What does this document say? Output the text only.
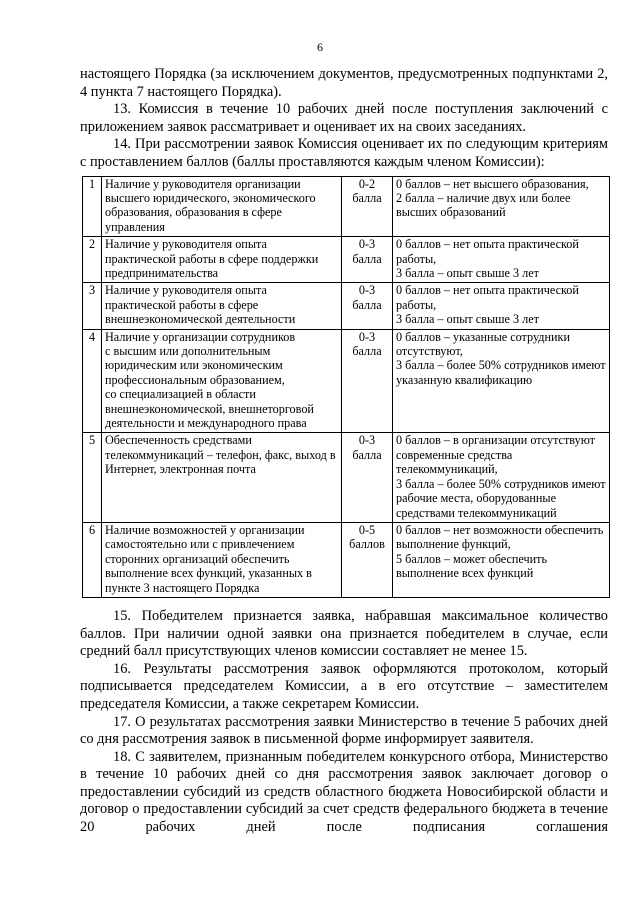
6

настоящего Порядка (за исключением документов, предусмотренных подпунктами 2, 4 пункта 7 настоящего Порядка).

13. Комиссия в течение 10 рабочих дней после поступления заключений с приложением заявок рассматривает и оценивает их на своих заседаниях.

14. При рассмотрении заявок Комиссия оценивает их по следующим критериям с проставлением баллов (баллы проставляются каждым членом Комиссии):

1	Наличие у руководителя организации высшего юридического, экономического образования, образования в сфере управления	0-2 балла	0 баллов – нет высшего образования,
2 балла – наличие двух или более высших образований
2	Наличие у руководителя опыта практической работы в сфере поддержки предпринимательства	0-3 балла	0 баллов – нет опыта практической работы,
3 балла – опыт свыше 3 лет
3	Наличие у руководителя опыта практической работы в сфере внешнеэкономической деятельности	0-3 балла	0 баллов – нет опыта практической работы,
3 балла – опыт свыше 3 лет
4	Наличие у организации сотрудников
с высшим или дополнительным юридическим или экономическим профессиональным образованием,
со специализацией в области внешнеэкономической, внешнеторговой деятельности и международного права	0-3 балла	0 баллов – указанные сотрудники отсутствуют,
3 балла – более 50% сотрудников имеют указанную квалификацию
5	Обеспеченность средствами телекоммуникаций – телефон, факс, выход в Интернет, электронная почта	0-3 балла	0 баллов – в организации отсутствуют современные средства телекоммуникаций,
3 балла – более 50% сотрудников имеют рабочие места, оборудованные средствами телекоммуникаций
6	Наличие возможностей у организации самостоятельно или с привлечением сторонних организаций обеспечить выполнение всех функций, указанных в пункте 3 настоящего Порядка	0-5 баллов	0 баллов – нет возможности обеспечить выполнение функций,
5 баллов – может обеспечить выполнение всех функций

15. Победителем признается заявка, набравшая максимальное количество баллов. При наличии одной заявки она признается победителем в случае, если средний балл присутствующих членов комиссии составляет не менее 15.

16. Результаты рассмотрения заявок оформляются протоколом, который подписывается председателем Комиссии, а в его отсутствие – заместителем председателя Комиссии, а также секретарем Комиссии.

17. О результатах рассмотрения заявки Министерство в течение 5 рабочих дней со дня рассмотрения заявок в письменной форме информирует заявителя.

18. С заявителем, признанным победителем конкурсного отбора, Министерство в течение 10 рабочих дней со дня рассмотрения заявок заключает договор о предоставлении субсидий из средств областного бюджета Новосибирской области и договор о предоставлении субсидий за счет средств федерального бюджета в течение 20 рабочих дней после подписания соглашения
